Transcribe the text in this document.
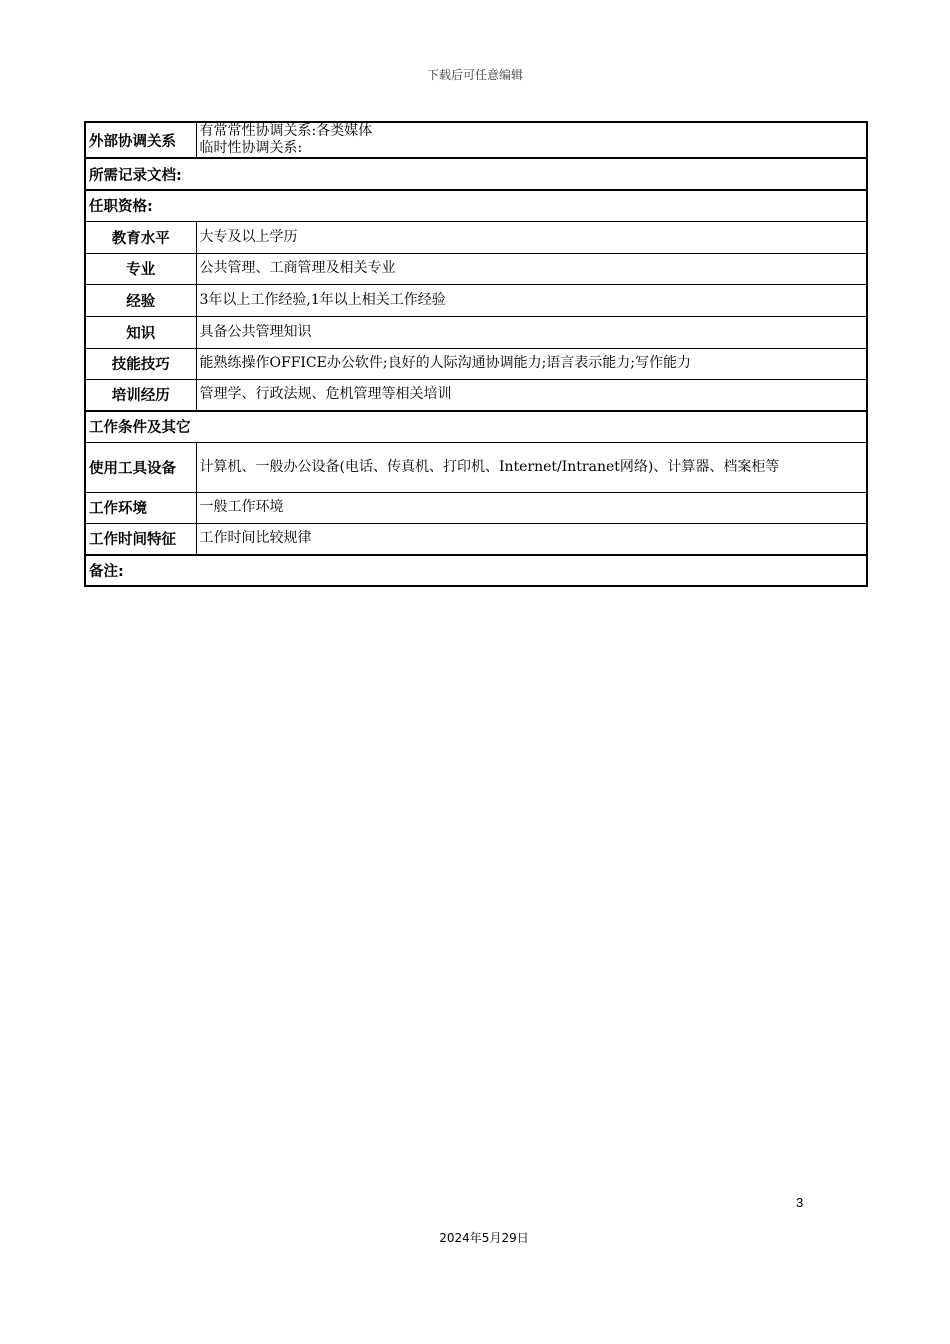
下载后可任意编辑
外部协调关系	有常常性协调关系:各类媒体
临时性协调关系:

所需记录文档:	
任职资格:	
教育水平	大专及以上学历
专业	公共管理、工商管理及相关专业
经验	3年以上工作经验,1年以上相关工作经验
知识	具备公共管理知识
技能技巧	能熟练操作OFFICE办公软件;良好的人际沟通协调能力;语言表示能力;写作能力
培训经历	管理学、行政法规、危机管理等相关培训
工作条件及其它	
使用工具设备	计算机、一般办公设备(电话、传真机、打印机、Internet/Intranet网络)、计算器、档案柜等
工作环境	一般工作环境
工作时间特征	工作时间比较规律
备注:	
3
2024年5月29日
